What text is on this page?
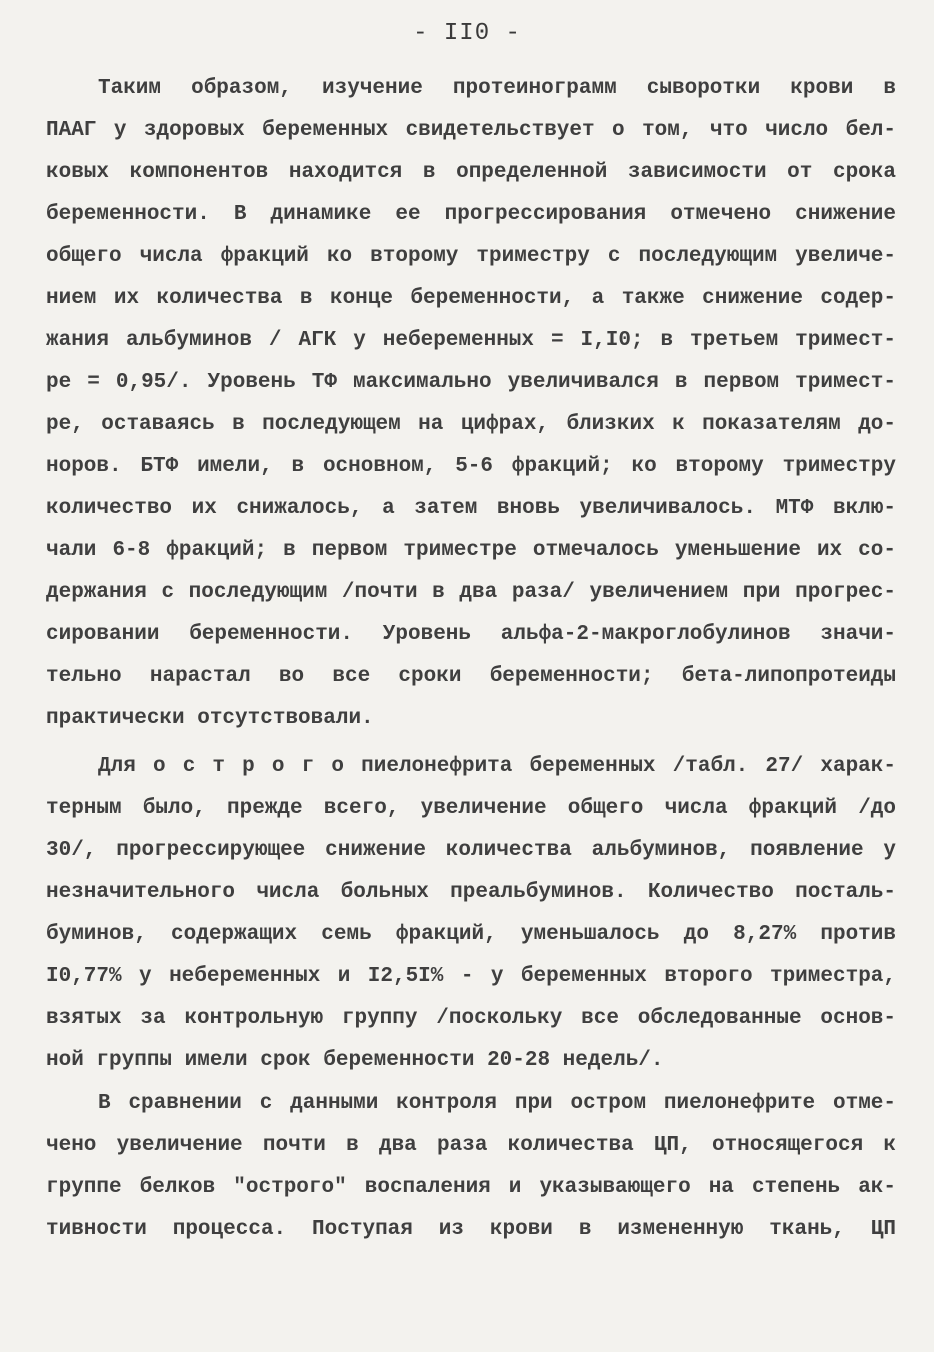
- II0 -
Таким образом, изучение протеинограмм сыворотки крови в
ПААГ у здоровых беременных свидетельствует о том, что число бел-
ковых компонентов находится в определенной зависимости от срока
беременности. В динамике ее прогрессирования отмечено снижение
общего числа фракций ко второму триместру с последующим увеличе-
нием их количества в конце беременности, а также снижение содер-
жания альбуминов / АГК у небеременных = I,I0; в третьем тримест-
ре = 0,95/. Уровень ТФ максимально увеличивался в первом тримест-
ре, оставаясь в последующем на цифрах, близких к показателям до-
норов. БТФ имели, в основном, 5-6 фракций; ко второму триместру
количество их снижалось, а затем вновь увеличивалось. МТФ вклю-
чали 6-8 фракций; в первом триместре отмечалось уменьшение их со-
держания с последующим /почти в два раза/ увеличением при прогрес-
сировании беременности. Уровень альфа-2-макроглобулинов значи-
тельно нарастал во все сроки беременности; бета-липопротеиды
практически отсутствовали.
Для о с т р о г о пиелонефрита беременных /табл. 27/ харак-
терным было, прежде всего, увеличение общего числа фракций /до
30/, прогрессирующее снижение количества альбуминов, появление у
незначительного числа больных преальбуминов. Количество посталь-
буминов, содержащих семь фракций, уменьшалось до 8,27% против
I0,77% у небеременных и I2,5I% - у беременных второго триместра,
взятых за контрольную группу /поскольку все обследованные основ-
ной группы имели срок беременности 20-28 недель/.
В сравнении с данными контроля при остром пиелонефрите отме-
чено увеличение почти в два раза количества ЦП, относящегося к
группе белков "острого" воспаления и указывающего на степень ак-
тивности процесса. Поступая из крови в измененную ткань, ЦП
